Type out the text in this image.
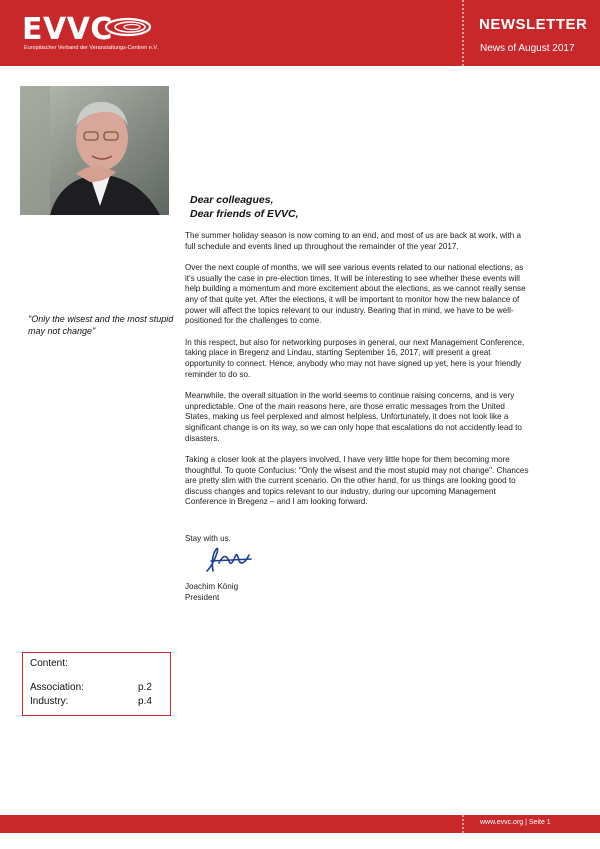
EVVC
Europäischer Verband der Veranstaltungs-Centren e.V.
NEWSLETTER
News of August 2017
"Only the wisest and the most stupid may not change"
Dear colleagues,
Dear friends of EVVC,

The summer holiday season is now coming to an end, and most of us are back at work, with a full schedule and events lined up throughout the remainder of the year 2017.

Over the next couple of months, we will see various events related to our national elections, as it's usually the case in pre-election times. It will be interesting to see whether these events will help building a momentum and more excitement about the elections, as we cannot really sense any of that quite yet. After the elections, it will be important to monitor how the new balance of power will affect the topics relevant to our industry. Bearing that in mind, we have to be well-positioned for the challenges to come.

In this respect, but also for networking purposes in general, our next Management Conference, taking place in Bregenz and Lindau, starting September 16, 2017, will present a great opportunity to connect. Hence, anybody who may not have signed up yet, here is your friendly reminder to do so.

Meanwhile, the overall situation in the world seems to continue raising concerns, and is very unpredictable. One of the main reasons here, are those erratic messages from the United States, making us feel perplexed and almost helpless. Unfortunately, it does not look like a significant change is on its way, so we can only hope that escalations do not accidently lead to disasters.

Taking a closer look at the players involved, I have very little hope for them becoming more thoughtful. To quote Confucius: "Only the wisest and the most stupid may not change". Chances are pretty slim with the current scenario. On the other hand, for us things are looking good to discuss changes and topics relevant to our industry, during our upcoming Management Conference in Bregenz – and I am looking forward.

Stay with us.
Joachim König
President
Content:
Association:	p.2
Industry:	p.4
www.evvc.org | Seite 1
